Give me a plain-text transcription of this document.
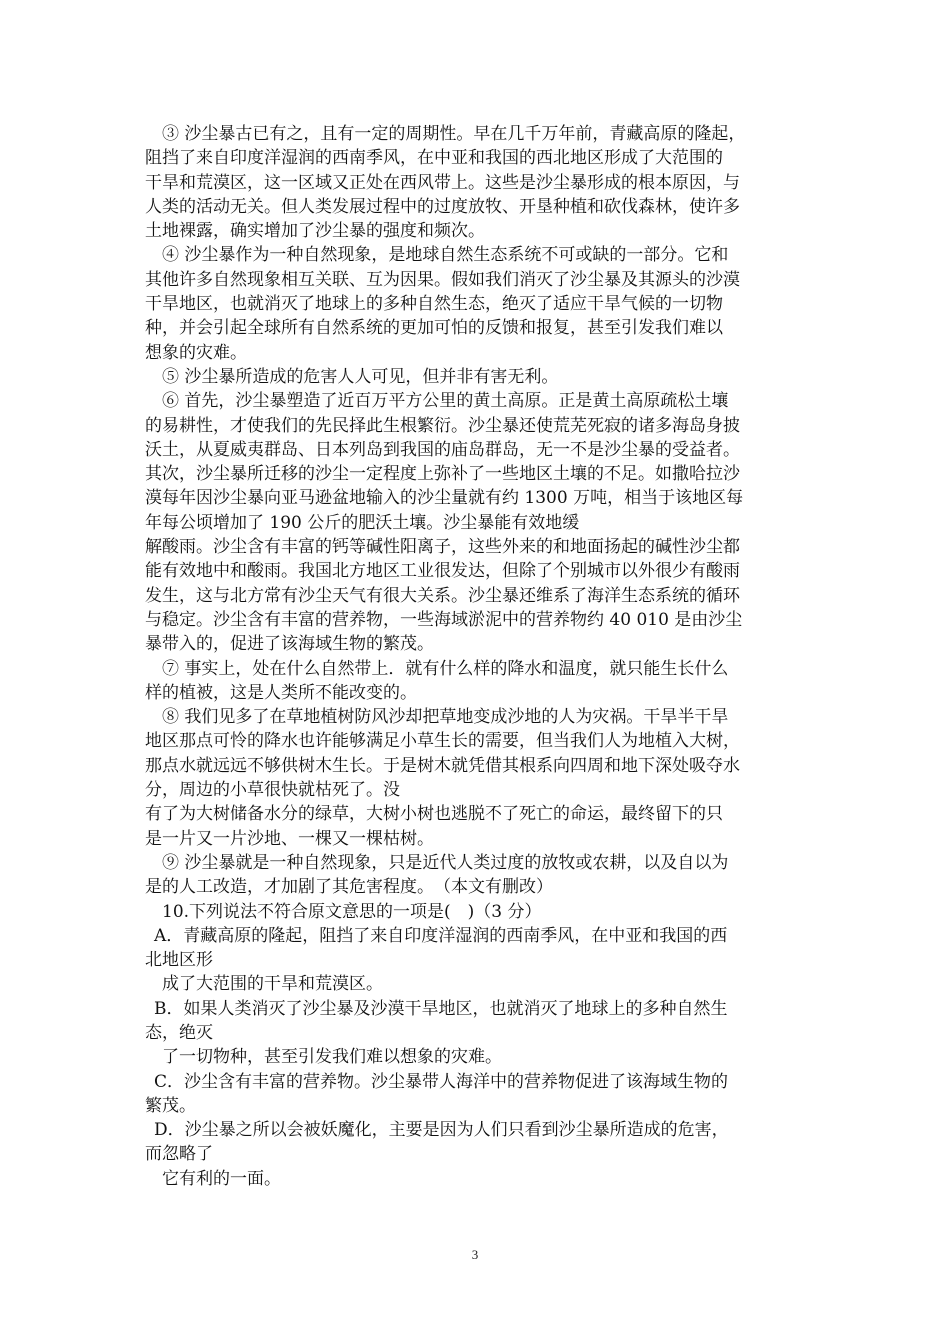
③ 沙尘暴古已有之，且有一定的周期性。早在几千万年前，青藏高原的隆起，
阻挡了来自印度洋湿润的西南季风，在中亚和我国的西北地区形成了大范围的
干旱和荒漠区，这一区域又正处在西风带上。这些是沙尘暴形成的根本原因，与
人类的活动无关。但人类发展过程中的过度放牧、开垦种植和砍伐森林，使许多
土地裸露，确实增加了沙尘暴的强度和频次。
④ 沙尘暴作为一种自然现象，是地球自然生态系统不可或缺的一部分。它和
其他许多自然现象相互关联、互为因果。假如我们消灭了沙尘暴及其源头的沙漠
干旱地区，也就消灭了地球上的多种自然生态，绝灭了适应干旱气候的一切物
种，并会引起全球所有自然系统的更加可怕的反馈和报复，甚至引发我们难以
想象的灾难。
⑤ 沙尘暴所造成的危害人人可见，但并非有害无利。
⑥ 首先，沙尘暴塑造了近百万平方公里的黄土高原。正是黄土高原疏松土壤
的易耕性，才使我们的先民择此生根繁衍。沙尘暴还使荒芜死寂的诸多海岛身披
沃土，从夏威夷群岛、日本列岛到我国的庙岛群岛，无一不是沙尘暴的受益者。
其次，沙尘暴所迁移的沙尘一定程度上弥补了一些地区土壤的不足。如撒哈拉沙
漠每年因沙尘暴向亚马逊盆地输入的沙尘量就有约 1300 万吨，相当于该地区每
年每公顷增加了 190 公斤的肥沃土壤。沙尘暴能有效地缓
解酸雨。沙尘含有丰富的钙等碱性阳离子，这些外来的和地面扬起的碱性沙尘都
能有效地中和酸雨。我国北方地区工业很发达，但除了个别城市以外很少有酸雨
发生，这与北方常有沙尘天气有很大关系。沙尘暴还维系了海洋生态系统的循环
与稳定。沙尘含有丰富的营养物，一些海域淤泥中的营养物约 40 010 是由沙尘
暴带入的，促进了该海域生物的繁茂。
⑦ 事实上，处在什么自然带上．就有什么样的降水和温度，就只能生长什么
样的植被，这是人类所不能改变的。
⑧ 我们见多了在草地植树防风沙却把草地变成沙地的人为灾祸。干旱半干旱
地区那点可怜的降水也许能够满足小草生长的需要，但当我们人为地植入大树，
那点水就远远不够供树木生长。于是树木就凭借其根系向四周和地下深处吸夺水
分，周边的小草很快就枯死了。没
有了为大树储备水分的绿草，大树小树也逃脱不了死亡的命运，最终留下的只
是一片又一片沙地、一棵又一棵枯树。
⑨ 沙尘暴就是一种自然现象，只是近代人类过度的放牧或农耕，以及自以为
是的人工改造，才加剧了其危害程度。　（本文有删改）
10.下列说法不符合原文意思的一项是(　)（3 分）
A．青藏高原的隆起，阻挡了来自印度洋湿润的西南季风，在中亚和我国的西
北地区形
成了大范围的干旱和荒漠区。
B．如果人类消灭了沙尘暴及沙漠干旱地区，也就消灭了地球上的多种自然生
态，绝灭
了一切物种，甚至引发我们难以想象的灾难。
C．沙尘含有丰富的营养物。沙尘暴带人海洋中的营养物促进了该海域生物的
繁茂。
D．沙尘暴之所以会被妖魔化，主要是因为人们只看到沙尘暴所造成的危害，
而忽略了
它有利的一面。
3
